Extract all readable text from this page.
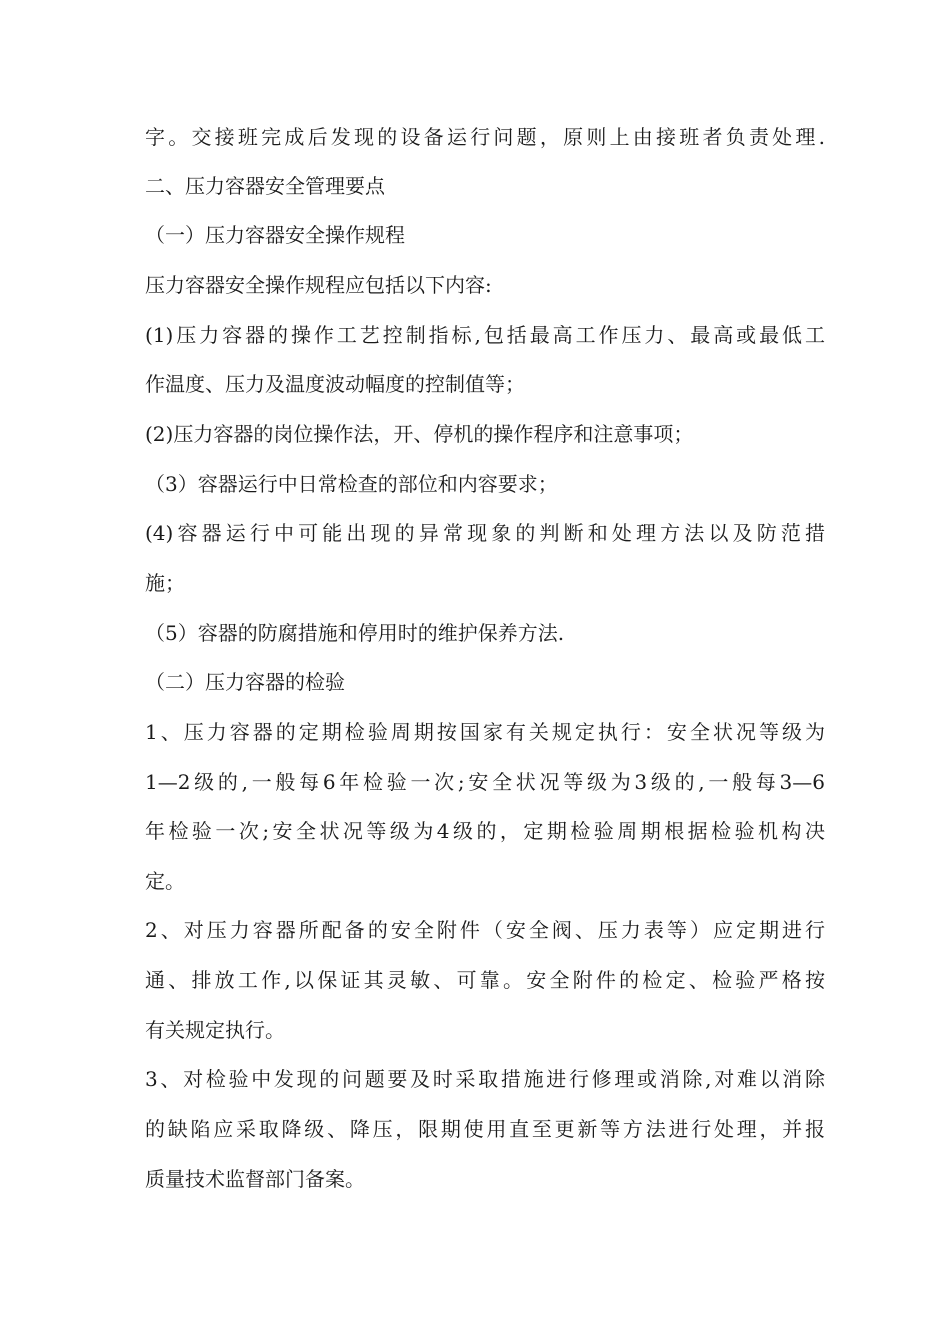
字。交接班完成后发现的设备运行问题，原则上由接班者负责处理.
二、压力容器安全管理要点
（一）压力容器安全操作规程
压力容器安全操作规程应包括以下内容:
(1)压力容器的操作工艺控制指标,包括最高工作压力、最高或最低工
作温度、压力及温度波动幅度的控制值等；
(2)压力容器的岗位操作法，开、停机的操作程序和注意事项；
（3）容器运行中日常检查的部位和内容要求；
(4)容器运行中可能出现的异常现象的判断和处理方法以及防范措
施；
（5）容器的防腐措施和停用时的维护保养方法.
（二）压力容器的检验
1、压力容器的定期检验周期按国家有关规定执行：安全状况等级为
1—2级的,一般每6年检验一次;安全状况等级为3级的,一般每3—6
年检验一次;安全状况等级为4级的，定期检验周期根据检验机构决
定。
2、对压力容器所配备的安全附件（安全阀、压力表等）应定期进行
通、排放工作,以保证其灵敏、可靠。安全附件的检定、检验严格按
有关规定执行。
3、对检验中发现的问题要及时采取措施进行修理或消除,对难以消除
的缺陷应采取降级、降压，限期使用直至更新等方法进行处理，并报
质量技术监督部门备案。
